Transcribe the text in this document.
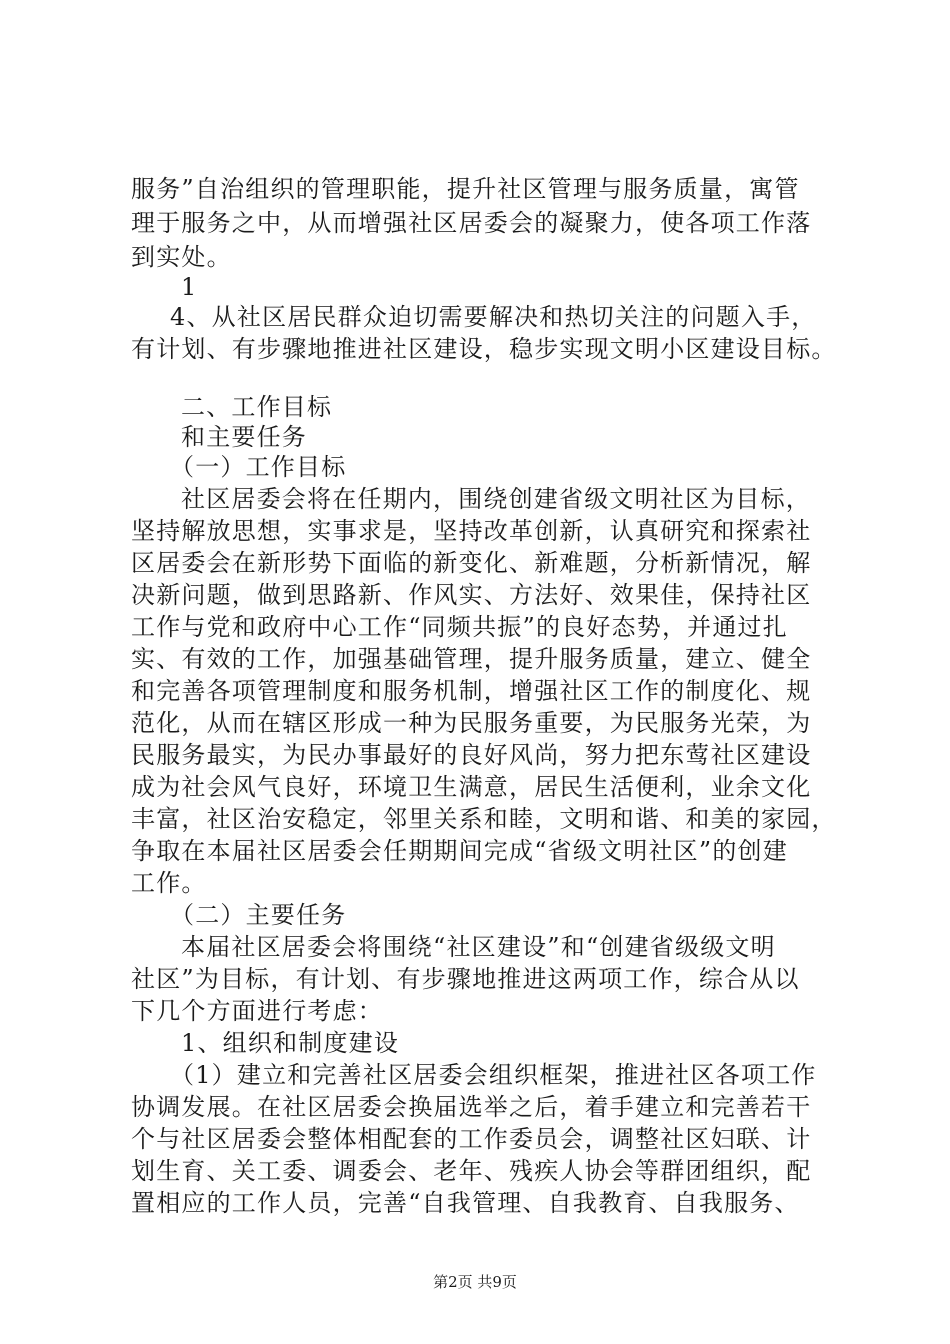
服务”自治组织的管理职能，提升社区管理与服务质量，寓管
理于服务之中，从而增强社区居委会的凝聚力，使各项工作落
到实处。
1
4、从社区居民群众迫切需要解决和热切关注的问题入手，
有计划、有步骤地推进社区建设，稳步实现文明小区建设目标。
二、工作目标
和主要任务
（一）工作目标
社区居委会将在任期内，围绕创建省级文明社区为目标，
坚持解放思想，实事求是，坚持改革创新，认真研究和探索社
区居委会在新形势下面临的新变化、新难题，分析新情况，解
决新问题，做到思路新、作风实、方法好、效果佳，保持社区
工作与党和政府中心工作“同频共振”的良好态势，并通过扎
实、有效的工作，加强基础管理，提升服务质量，建立、健全
和完善各项管理制度和服务机制，增强社区工作的制度化、规
范化，从而在辖区形成一种为民服务重要，为民服务光荣，为
民服务最实，为民办事最好的良好风尚，努力把东莺社区建设
成为社会风气良好，环境卫生满意，居民生活便利，业余文化
丰富，社区治安稳定，邻里关系和睦，文明和谐、和美的家园，
争取在本届社区居委会任期期间完成“省级文明社区”的创建
工作。
（二）主要任务
本届社区居委会将围绕“社区建设”和“创建省级级文明
社区”为目标，有计划、有步骤地推进这两项工作，综合从以
下几个方面进行考虑：
1、组织和制度建设
（1）建立和完善社区居委会组织框架，推进社区各项工作
协调发展。在社区居委会换届选举之后，着手建立和完善若干
个与社区居委会整体相配套的工作委员会，调整社区妇联、计
划生育、关工委、调委会、老年、残疾人协会等群团组织，配
置相应的工作人员，完善“自我管理、自我教育、自我服务、
第2页 共9页
